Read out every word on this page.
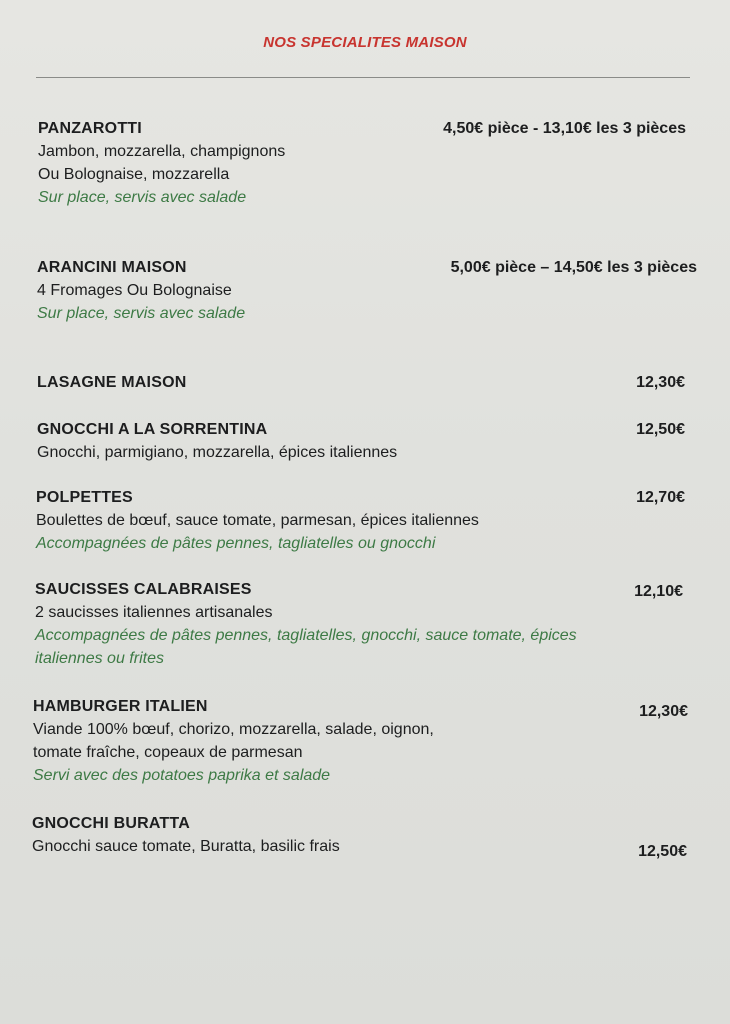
NOS SPECIALITES MAISON
PANZAROTTI
Jambon, mozzarella, champignons
Ou Bolognaise, mozzarella
Sur place, servis avec salade
4,50€ pièce - 13,10€ les 3 pièces
ARANCINI MAISON
4 Fromages Ou Bolognaise
Sur place, servis avec salade
5,00€ pièce – 14,50€ les 3 pièces
LASAGNE MAISON	12,30€
GNOCCHI A LA SORRENTINA
Gnocchi, parmigiano, mozzarella, épices italiennes
12,50€
POLPETTES
Boulettes de bœuf, sauce tomate, parmesan, épices italiennes
Accompagnées de pâtes pennes, tagliatelles ou gnocchi
12,70€
SAUCISSES CALABRAISES
2 saucisses italiennes artisanales
Accompagnées de pâtes pennes, tagliatelles, gnocchi, sauce tomate, épices
italiennes ou frites
12,10€
HAMBURGER ITALIEN
Viande 100% bœuf, chorizo, mozzarella, salade, oignon,
tomate fraîche, copeaux de parmesan
Servi avec des potatoes paprika et salade
12,30€
GNOCCHI BURATTA
Gnocchi sauce tomate, Buratta, basilic frais	12,50€
